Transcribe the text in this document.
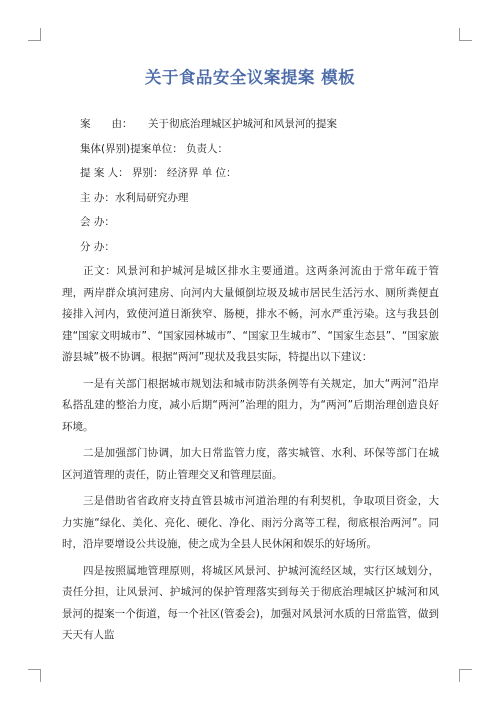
关于食品安全议案提案 模板
案　　由： 关于彻底治理城区护城河和风景河的提案
集体(界别)提案单位： 负责人：
提 案 人： 界别： 经济界 单 位：
主 办：水利局研究办理
会 办：
分 办：

正文：风景河和护城河是城区排水主要通道。这两条河流由于常年疏于管理，两岸群众填河建房、向河内大量倾倒垃圾及城市居民生活污水、厕所粪便直接排入河内，致使河道日渐狭窄、肠梗，排水不畅，河水严重污染。这与我县创建“国家文明城市”、“国家园林城市”、“国家卫生城市”、“国家生态县”、“国家旅游县城”极不协调。根据“两河”现状及我县实际，特提出以下建议：

一是有关部门根据城市规划法和城市防洪条例等有关规定，加大“两河”沿岸私搭乱建的整治力度，减小后期“两河”治理的阻力，为“两河”后期治理创造良好环境。

二是加强部门协调，加大日常监管力度，落实城管、水利、环保等部门在城区河道管理的责任，防止管理交叉和管理层面。

三是借助省省政府支持直管县城市河道治理的有利契机，争取项目资金，大力实施“绿化、美化、亮化、硬化、净化、雨污分离等工程，彻底根治两河”。同时，沿岸要增设公共设施，使之成为全县人民休闲和娱乐的好场所。

四是按照属地管理原则，将城区风景河、护城河流经区域，实行区域划分，责任分担，让风景河、护城河的保护管理落实到每关于彻底治理城区护城河和风景河的提案一个街道，每一个社区(管委会)，加强对风景河水质的日常监管，做到天天有人监
